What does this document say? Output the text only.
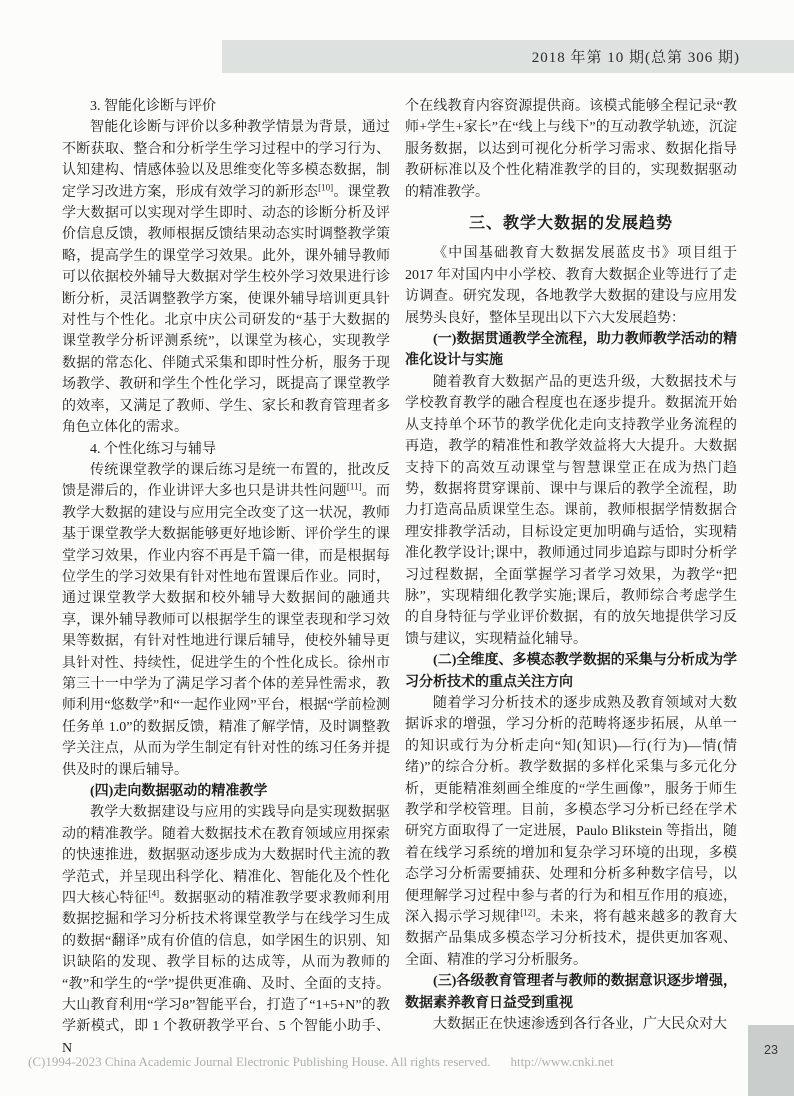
2018 年第 10 期(总第 306 期)

3. 智能化诊断与评价

智能化诊断与评价以多种教学情景为背景，通过不断获取、整合和分析学生学习过程中的学习行为、认知建构、情感体验以及思维变化等多模态数据，制定学习改进方案，形成有效学习的新形态[10]。课堂教学大数据可以实现对学生即时、动态的诊断分析及评价信息反馈，教师根据反馈结果动态实时调整教学策略，提高学生的课堂学习效果。此外，课外辅导教师可以依据校外辅导大数据对学生校外学习效果进行诊断分析，灵活调整教学方案，使课外辅导培训更具针对性与个性化。北京中庆公司研发的“基于大数据的课堂教学分析评测系统”，以课堂为核心，实现教学数据的常态化、伴随式采集和即时性分析，服务于现场教学、教研和学生个性化学习，既提高了课堂教学的效率，又满足了教师、学生、家长和教育管理者多角色立体化的需求。

4. 个性化练习与辅导

传统课堂教学的课后练习是统一布置的，批改反馈是滞后的，作业讲评大多也只是讲共性问题[11]。而教学大数据的建设与应用完全改变了这一状况，教师基于课堂教学大数据能够更好地诊断、评价学生的课堂学习效果，作业内容不再是千篇一律，而是根据每位学生的学习效果有针对性地布置课后作业。同时，通过课堂教学大数据和校外辅导大数据间的融通共享，课外辅导教师可以根据学生的课堂表现和学习效果等数据，有针对性地进行课后辅导，使校外辅导更具针对性、持续性，促进学生的个性化成长。徐州市第三十一中学为了满足学习者个体的差异性需求，教师利用“悠数学”和“一起作业网”平台，根据“学前检测任务单 1.0”的数据反馈，精准了解学情，及时调整教学关注点，从而为学生制定有针对性的练习任务并提供及时的课后辅导。

(四)走向数据驱动的精准教学

教学大数据建设与应用的实践导向是实现数据驱动的精准教学。随着大数据技术在教育领域应用探索的快速推进，数据驱动逐步成为大数据时代主流的教学范式，并呈现出科学化、精准化、智能化及个性化四大核心特征[4]。数据驱动的精准教学要求教师利用数据挖掘和学习分析技术将课堂教学与在线学习生成的数据“翻译”成有价值的信息，如学困生的识别、知识缺陷的发现、教学目标的达成等，从而为教师的“教”和学生的“学”提供更准确、及时、全面的支持。大山教育利用“学习8”智能平台，打造了“1+5+N”的教学新模式，即 1 个教研教学平台、5 个智能小助手、N

个在线教育内容资源提供商。该模式能够全程记录“教师+学生+家长”在“线上与线下”的互动教学轨迹，沉淀服务数据，以达到可视化分析学习需求、数据化指导教研标准以及个性化精准教学的目的，实现数据驱动的精准教学。

三、教学大数据的发展趋势

《中国基础教育大数据发展蓝皮书》项目组于2017 年对国内中小学校、教育大数据企业等进行了走访调查。研究发现，各地教学大数据的建设与应用发展势头良好，整体呈现出以下六大发展趋势：

(一)数据贯通教学全流程，助力教师教学活动的精准化设计与实施

随着教育大数据产品的更迭升级，大数据技术与学校教育教学的融合程度也在逐步提升。数据流开始从支持单个环节的教学优化走向支持教学业务流程的再造，教学的精准性和教学效益将大大提升。大数据支持下的高效互动课堂与智慧课堂正在成为热门趋势，数据将贯穿课前、课中与课后的教学全流程，助力打造高品质课堂生态。课前，教师根据学情数据合理安排教学活动，目标设定更加明确与适恰，实现精准化教学设计;课中，教师通过同步追踪与即时分析学习过程数据，全面掌握学习者学习效果，为教学“把脉”，实现精细化教学实施;课后，教师综合考虑学生的自身特征与学业评价数据，有的放矢地提供学习反馈与建议，实现精益化辅导。

(二)全维度、多模态教学数据的采集与分析成为学习分析技术的重点关注方向

随着学习分析技术的逐步成熟及教育领域对大数据诉求的增强，学习分析的范畴将逐步拓展，从单一的知识或行为分析走向“知(知识)—行(行为)—情(情绪)”的综合分析。教学数据的多样化采集与多元化分析，更能精准刻画全维度的“学生画像”，服务于师生教学和学校管理。目前，多模态学习分析已经在学术研究方面取得了一定进展，Paulo Blikstein 等指出，随着在线学习系统的增加和复杂学习环境的出现，多模态学习分析需要捕获、处理和分析多种数字信号，以便理解学习过程中参与者的行为和相互作用的痕迹，深入揭示学习规律[12]。未来，将有越来越多的教育大数据产品集成多模态学习分析技术，提供更加客观、全面、精准的学习分析服务。

(三)各级教育管理者与教师的数据意识逐步增强，数据素养教育日益受到重视

大数据正在快速渗透到各行各业，广大民众对大

(C)1994-2023 China Academic Journal Electronic Publishing House. All rights reserved. http://www.cnki.net
23
